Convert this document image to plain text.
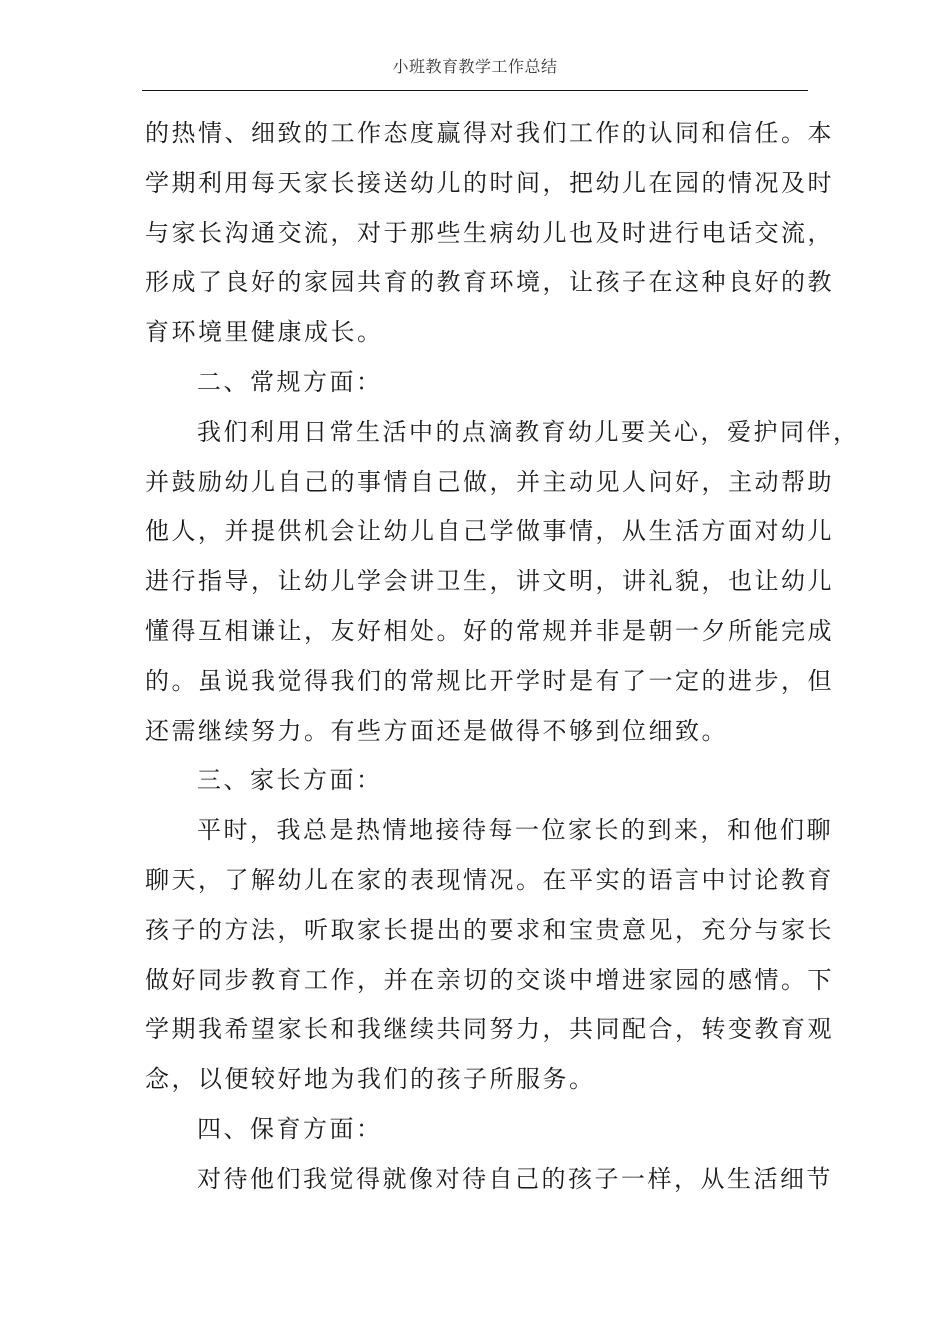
小班教育教学工作总结
的热情、细致的工作态度赢得对我们工作的认同和信任。本
学期利用每天家长接送幼儿的时间，把幼儿在园的情况及时
与家长沟通交流，对于那些生病幼儿也及时进行电话交流，
形成了良好的家园共育的教育环境，让孩子在这种良好的教
育环境里健康成长。
二、常规方面：
我们利用日常生活中的点滴教育幼儿要关心，爱护同伴，
并鼓励幼儿自己的事情自己做，并主动见人问好，主动帮助
他人，并提供机会让幼儿自己学做事情，从生活方面对幼儿
进行指导，让幼儿学会讲卫生，讲文明，讲礼貌，也让幼儿
懂得互相谦让，友好相处。好的常规并非是朝一夕所能完成
的。虽说我觉得我们的常规比开学时是有了一定的进步，但
还需继续努力。有些方面还是做得不够到位细致。
三、家长方面：
平时，我总是热情地接待每一位家长的到来，和他们聊
聊天，了解幼儿在家的表现情况。在平实的语言中讨论教育
孩子的方法，听取家长提出的要求和宝贵意见，充分与家长
做好同步教育工作，并在亲切的交谈中增进家园的感情。下
学期我希望家长和我继续共同努力，共同配合，转变教育观
念，以便较好地为我们的孩子所服务。
四、保育方面：
对待他们我觉得就像对待自己的孩子一样，从生活细节
